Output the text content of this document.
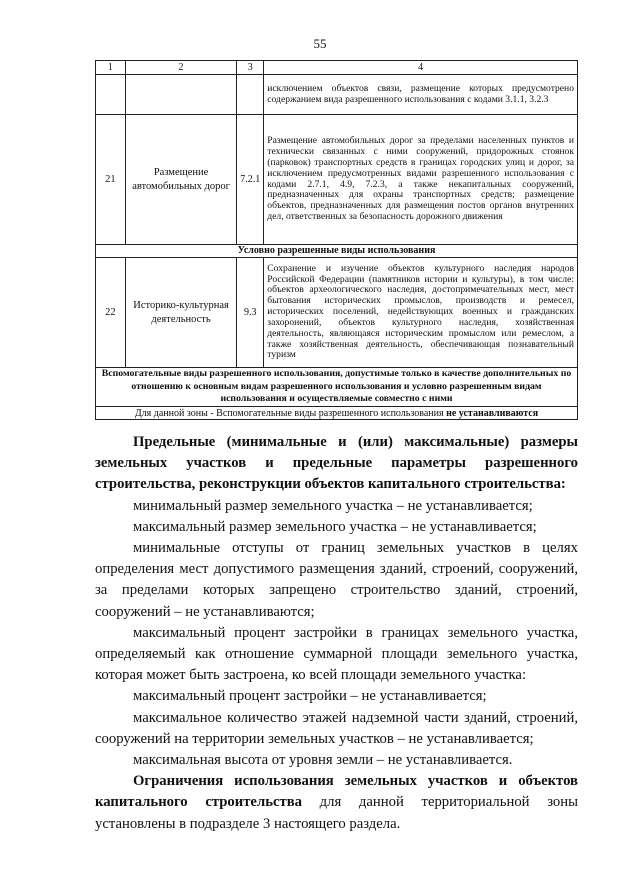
55
1	2	3	4
			исключением объектов связи, размещение которых предусмотрено содержанием вида разрешенного использования с кодами 3.1.1, 3.2.3
21	Размещение автомобильных дорог	7.2.1	Размещение автомобильных дорог за пределами населенных пунктов и технически связанных с ними сооружений, придорожных стоянок (парковок) транспортных средств в границах городских улиц и дорог, за исключением предусмотренных видами разрешенного использования с кодами 2.7.1, 4.9, 7.2.3, а также некапитальных сооружений, предназначенных для охраны транспортных средств; размещение объектов, предназначенных для размещения постов органов внутренних дел, ответственных за безопасность дорожного движения
Условно разрешенные виды использования			
22	Историко-культурная деятельность	9.3	Сохранение и изучение объектов культурного наследия народов Российской Федерации (памятников истории и культуры), в том числе: объектов археологического наследия, достопримечательных мест, мест бытования исторических промыслов, производств и ремесел, исторических поселений, недействующих военных и гражданских захоронений, объектов культурного наследия, хозяйственная деятельность, являющаяся историческим промыслом или ремеслом, а также хозяйственная деятельность, обеспечивающая познавательный туризм
Вспомогательные виды разрешенного использования, допустимые только в качестве дополнительных по отношению к основным видам разрешенного использования и условно разрешенным видам использования и осуществляемые совместно с ними			
Для данной зоны - Вспомогательные виды разрешенного использования не устанавливаются			

Предельные (минимальные и (или) максимальные) размеры земельных участков и предельные параметры разрешенного строительства, реконструкции объектов капитального строительства:

минимальный размер земельного участка – не устанавливается;

максимальный размер земельного участка – не устанавливается;

минимальные отступы от границ земельных участков в целях определения мест допустимого размещения зданий, строений, сооружений, за пределами которых запрещено строительство зданий, строений, сооружений – не устанавливаются;

максимальный процент застройки в границах земельного участка, определяемый как отношение суммарной площади земельного участка, которая может быть застроена, ко всей площади земельного участка:

максимальный процент застройки – не устанавливается;

максимальное количество этажей надземной части зданий, строений, сооружений на территории земельных участков – не устанавливается;

максимальная высота от уровня земли – не устанавливается.

Ограничения использования земельных участков и объектов капитального строительства для данной территориальной зоны установлены в подразделе 3 настоящего раздела.
